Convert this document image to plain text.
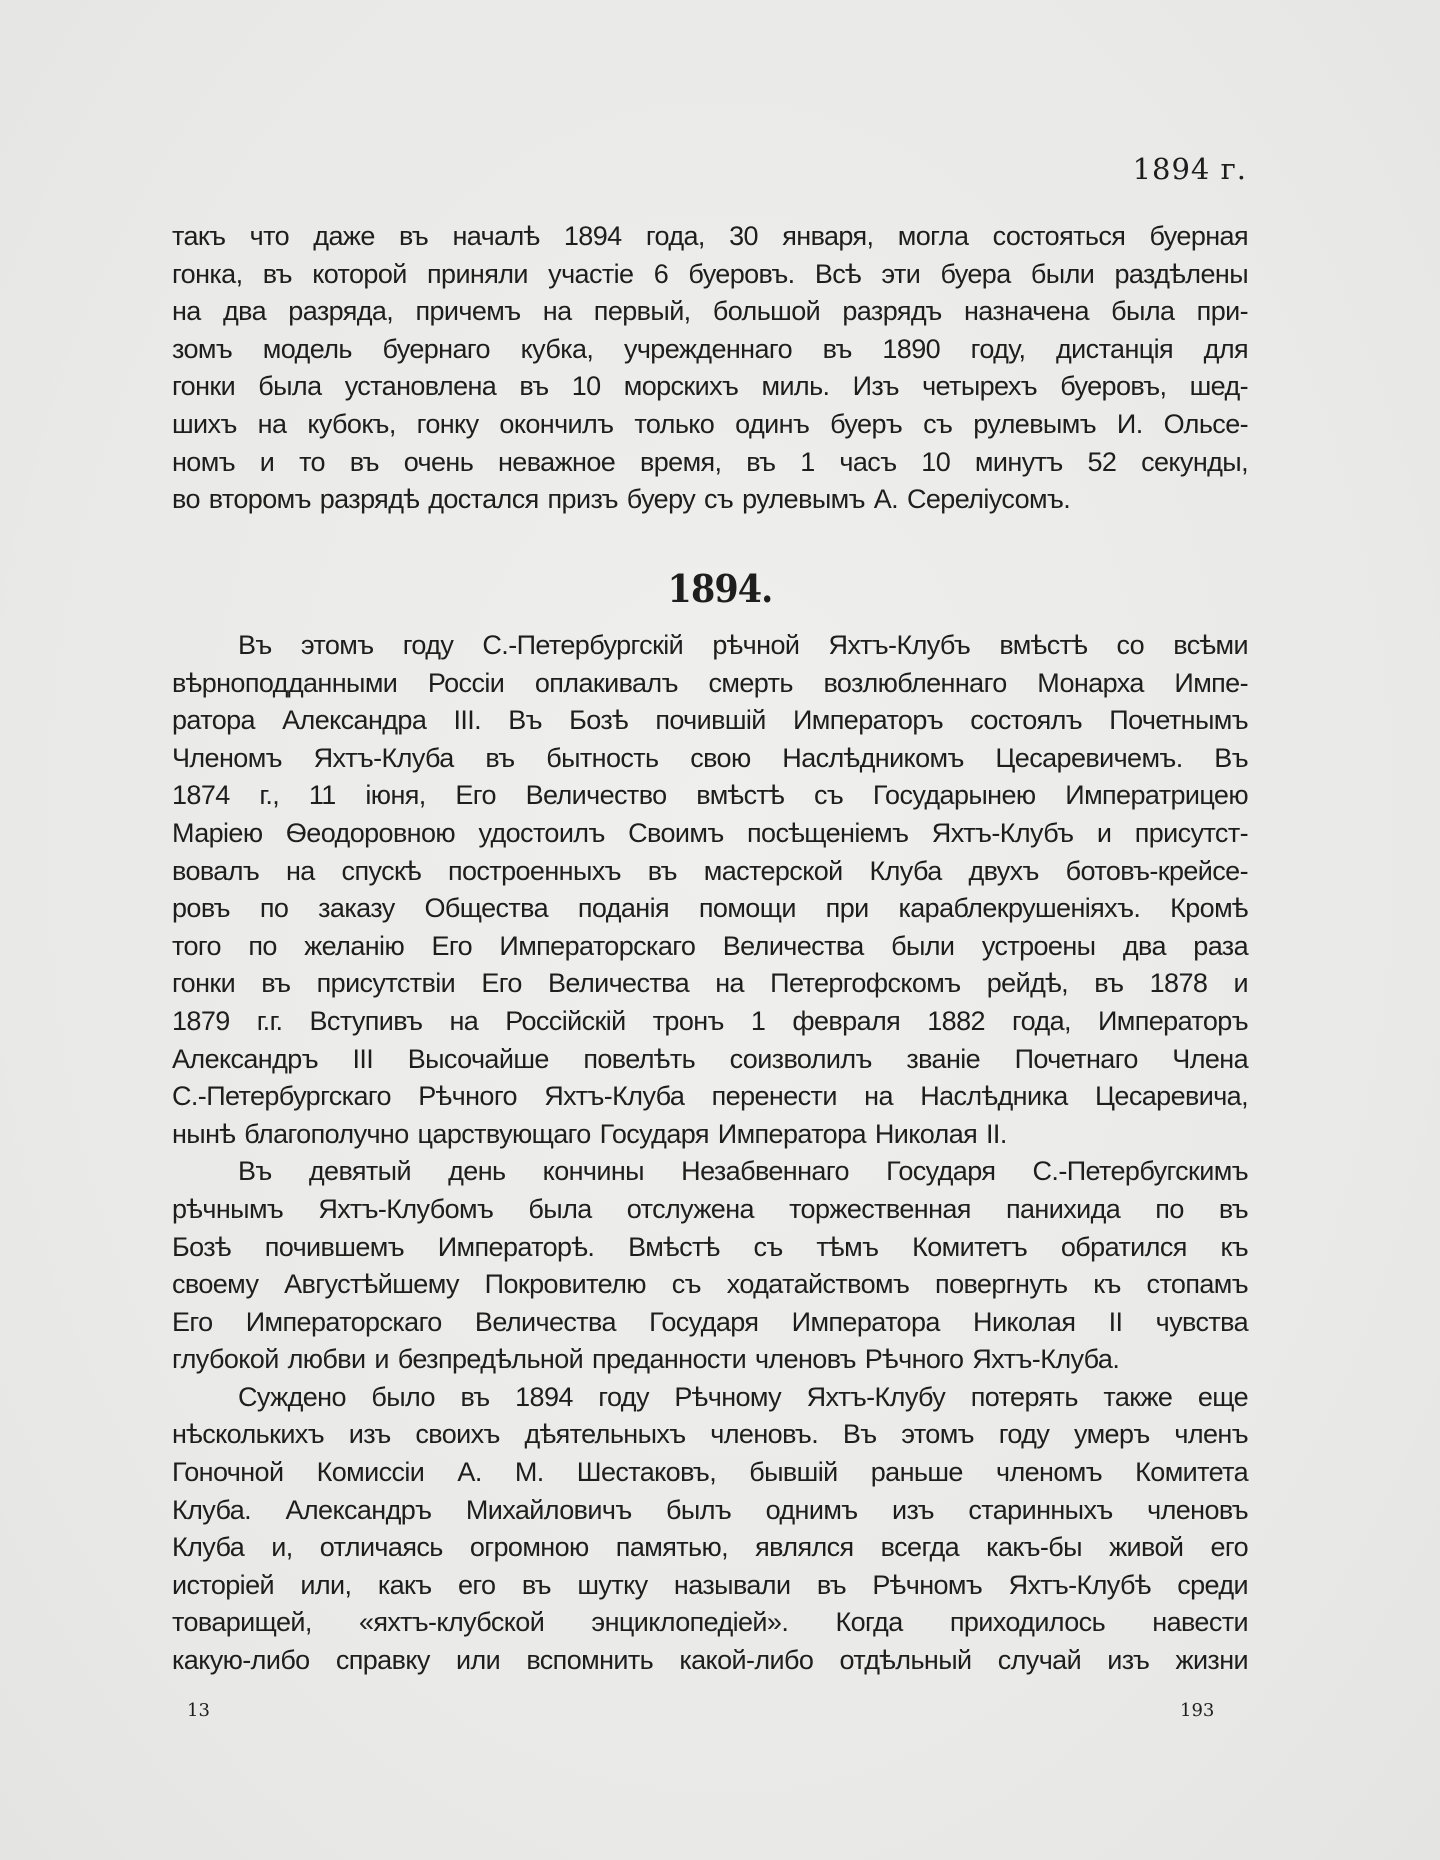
1894 г.
такъ что даже въ началѣ 1894 года, 30 января, могла состояться буерная
гонка, въ которой приняли участіе 6 буеровъ. Всѣ эти буера были раздѣлены
на два разряда, причемъ на первый, большой разрядъ назначена была при-
зомъ модель буернаго кубка, учрежденнаго въ 1890 году, дистанція для
гонки была установлена въ 10 морскихъ миль. Изъ четырехъ буеровъ, шед-
шихъ на кубокъ, гонку окончилъ только одинъ буеръ съ рулевымъ И. Ольсе-
номъ и то въ очень неважное время, въ 1 часъ 10 минутъ 52 секунды,
во второмъ разрядѣ достался призъ буеру съ рулевымъ А. Сереліусомъ.
1894.
Въ этомъ году С.-Петербургскій рѣчной Яхтъ-Клубъ вмѣстѣ со всѣми
вѣрноподданными Россіи оплакивалъ смерть возлюбленнаго Монарха Импе-
ратора Александра III. Въ Бозѣ почившій Императоръ состоялъ Почетнымъ
Членомъ Яхтъ-Клуба въ бытность свою Наслѣдникомъ Цесаревичемъ. Въ
1874 г., 11 іюня, Его Величество вмѣстѣ съ Государынею Императрицею
Маріею Ѳеодоровною удостоилъ Своимъ посѣщеніемъ Яхтъ-Клубъ и присутст-
вовалъ на спускѣ построенныхъ въ мастерской Клуба двухъ ботовъ-крейсе-
ровъ по заказу Общества поданія помощи при караблекрушеніяхъ. Кромѣ
того по желанію Его Императорскаго Величества были устроены два раза
гонки въ присутствіи Его Величества на Петергофскомъ рейдѣ, въ 1878 и
1879 г.г. Вступивъ на Россійскій тронъ 1 февраля 1882 года, Императоръ
Александръ III Высочайше повелѣть соизволилъ званіе Почетнаго Члена
С.-Петербургскаго Рѣчного Яхтъ-Клуба перенести на Наслѣдника Цесаревича,
нынѣ благополучно царствующаго Государя Императора Николая II.
Въ девятый день кончины Незабвеннаго Государя С.-Петербугскимъ
рѣчнымъ Яхтъ-Клубомъ была отслужена торжественная панихида по въ
Бозѣ почившемъ Императорѣ. Вмѣстѣ съ тѣмъ Комитетъ обратился къ
своему Августѣйшему Покровителю съ ходатайствомъ повергнуть къ стопамъ
Его Императорскаго Величества Государя Императора Николая II чувства
глубокой любви и безпредѣльной преданности членовъ Рѣчного Яхтъ-Клуба.
Суждено было въ 1894 году Рѣчному Яхтъ-Клубу потерять также еще
нѣсколькихъ изъ своихъ дѣятельныхъ членовъ. Въ этомъ году умеръ членъ
Гоночной Комиссіи А. М. Шестаковъ, бывшій раньше членомъ Комитета
Клуба. Александръ Михайловичъ былъ однимъ изъ старинныхъ членовъ
Клуба и, отличаясь огромною памятью, являлся всегда какъ-бы живой его
исторіей или, какъ его въ шутку называли въ Рѣчномъ Яхтъ-Клубѣ среди
товарищей, «яхтъ-клубской энциклопедіей». Когда приходилось навести
какую-либо справку или вспомнить какой-либо отдѣльный случай изъ жизни
13	193
